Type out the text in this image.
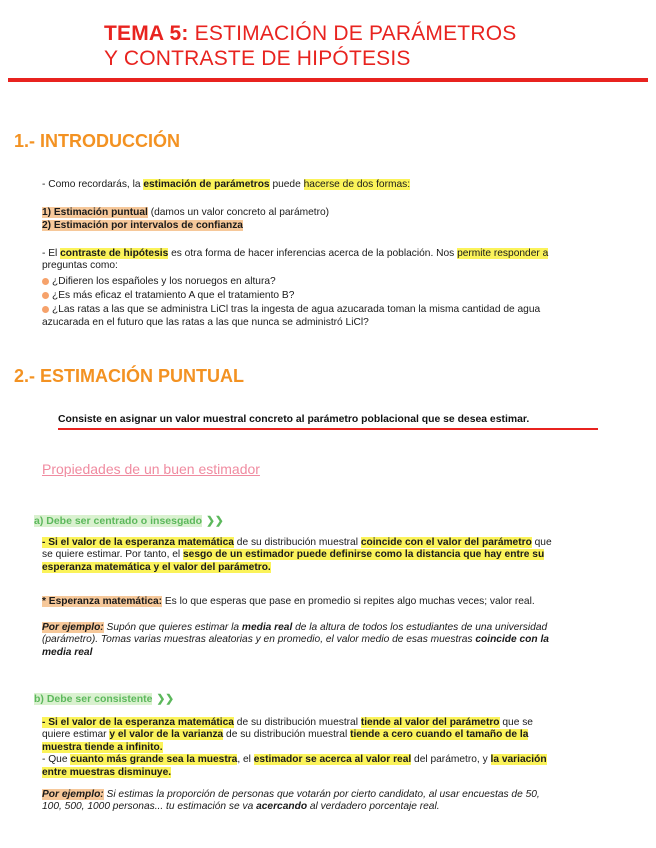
TEMA 5: ESTIMACIÓN DE PARÁMETROS
Y CONTRASTE DE HIPÓTESIS
1.- INTRODUCCIÓN
- Como recordarás, la estimación de parámetros puede hacerse de dos formas:
1) Estimación puntual (damos un valor concreto al parámetro)
2) Estimación por intervalos de confianza
- El contraste de hipótesis es otra forma de hacer inferencias acerca de la población. Nos permite responder a
preguntas como:
¿Difieren los españoles y los noruegos en altura?
¿Es más eficaz el tratamiento A que el tratamiento B?
¿Las ratas a las que se administra LiCl tras la ingesta de agua azucarada toman la misma cantidad de agua
azucarada en el futuro que las ratas a las que nunca se administró LiCl?
2.- ESTIMACIÓN PUNTUAL
Consiste en asignar un valor muestral concreto al parámetro poblacional que se desea estimar.
Propiedades de un buen estimador
a) Debe ser centrado o insesgado ❯❯
- Si el valor de la esperanza matemática de su distribución muestral coincide con el valor del parámetro que
se quiere estimar. Por tanto, el sesgo de un estimador puede definirse como la distancia que hay entre su
esperanza matemática y el valor del parámetro.
* Esperanza matemática: Es lo que esperas que pase en promedio si repites algo muchas veces; valor real.
Por ejemplo: Supón que quieres estimar la media real de la altura de todos los estudiantes de una universidad
(parámetro). Tomas varias muestras aleatorias y en promedio, el valor medio de esas muestras coincide con la
media real
b) Debe ser consistente ❯❯
- Si el valor de la esperanza matemática de su distribución muestral tiende al valor del parámetro que se
quiere estimar y el valor de la varianza de su distribución muestral tiende a cero cuando el tamaño de la
muestra tiende a infinito.
- Que cuanto más grande sea la muestra, el estimador se acerca al valor real del parámetro, y la variación
entre muestras disminuye.
Por ejemplo: Si estimas la proporción de personas que votarán por cierto candidato, al usar encuestas de 50,
100, 500, 1000 personas... tu estimación se va acercando al verdadero porcentaje real.
